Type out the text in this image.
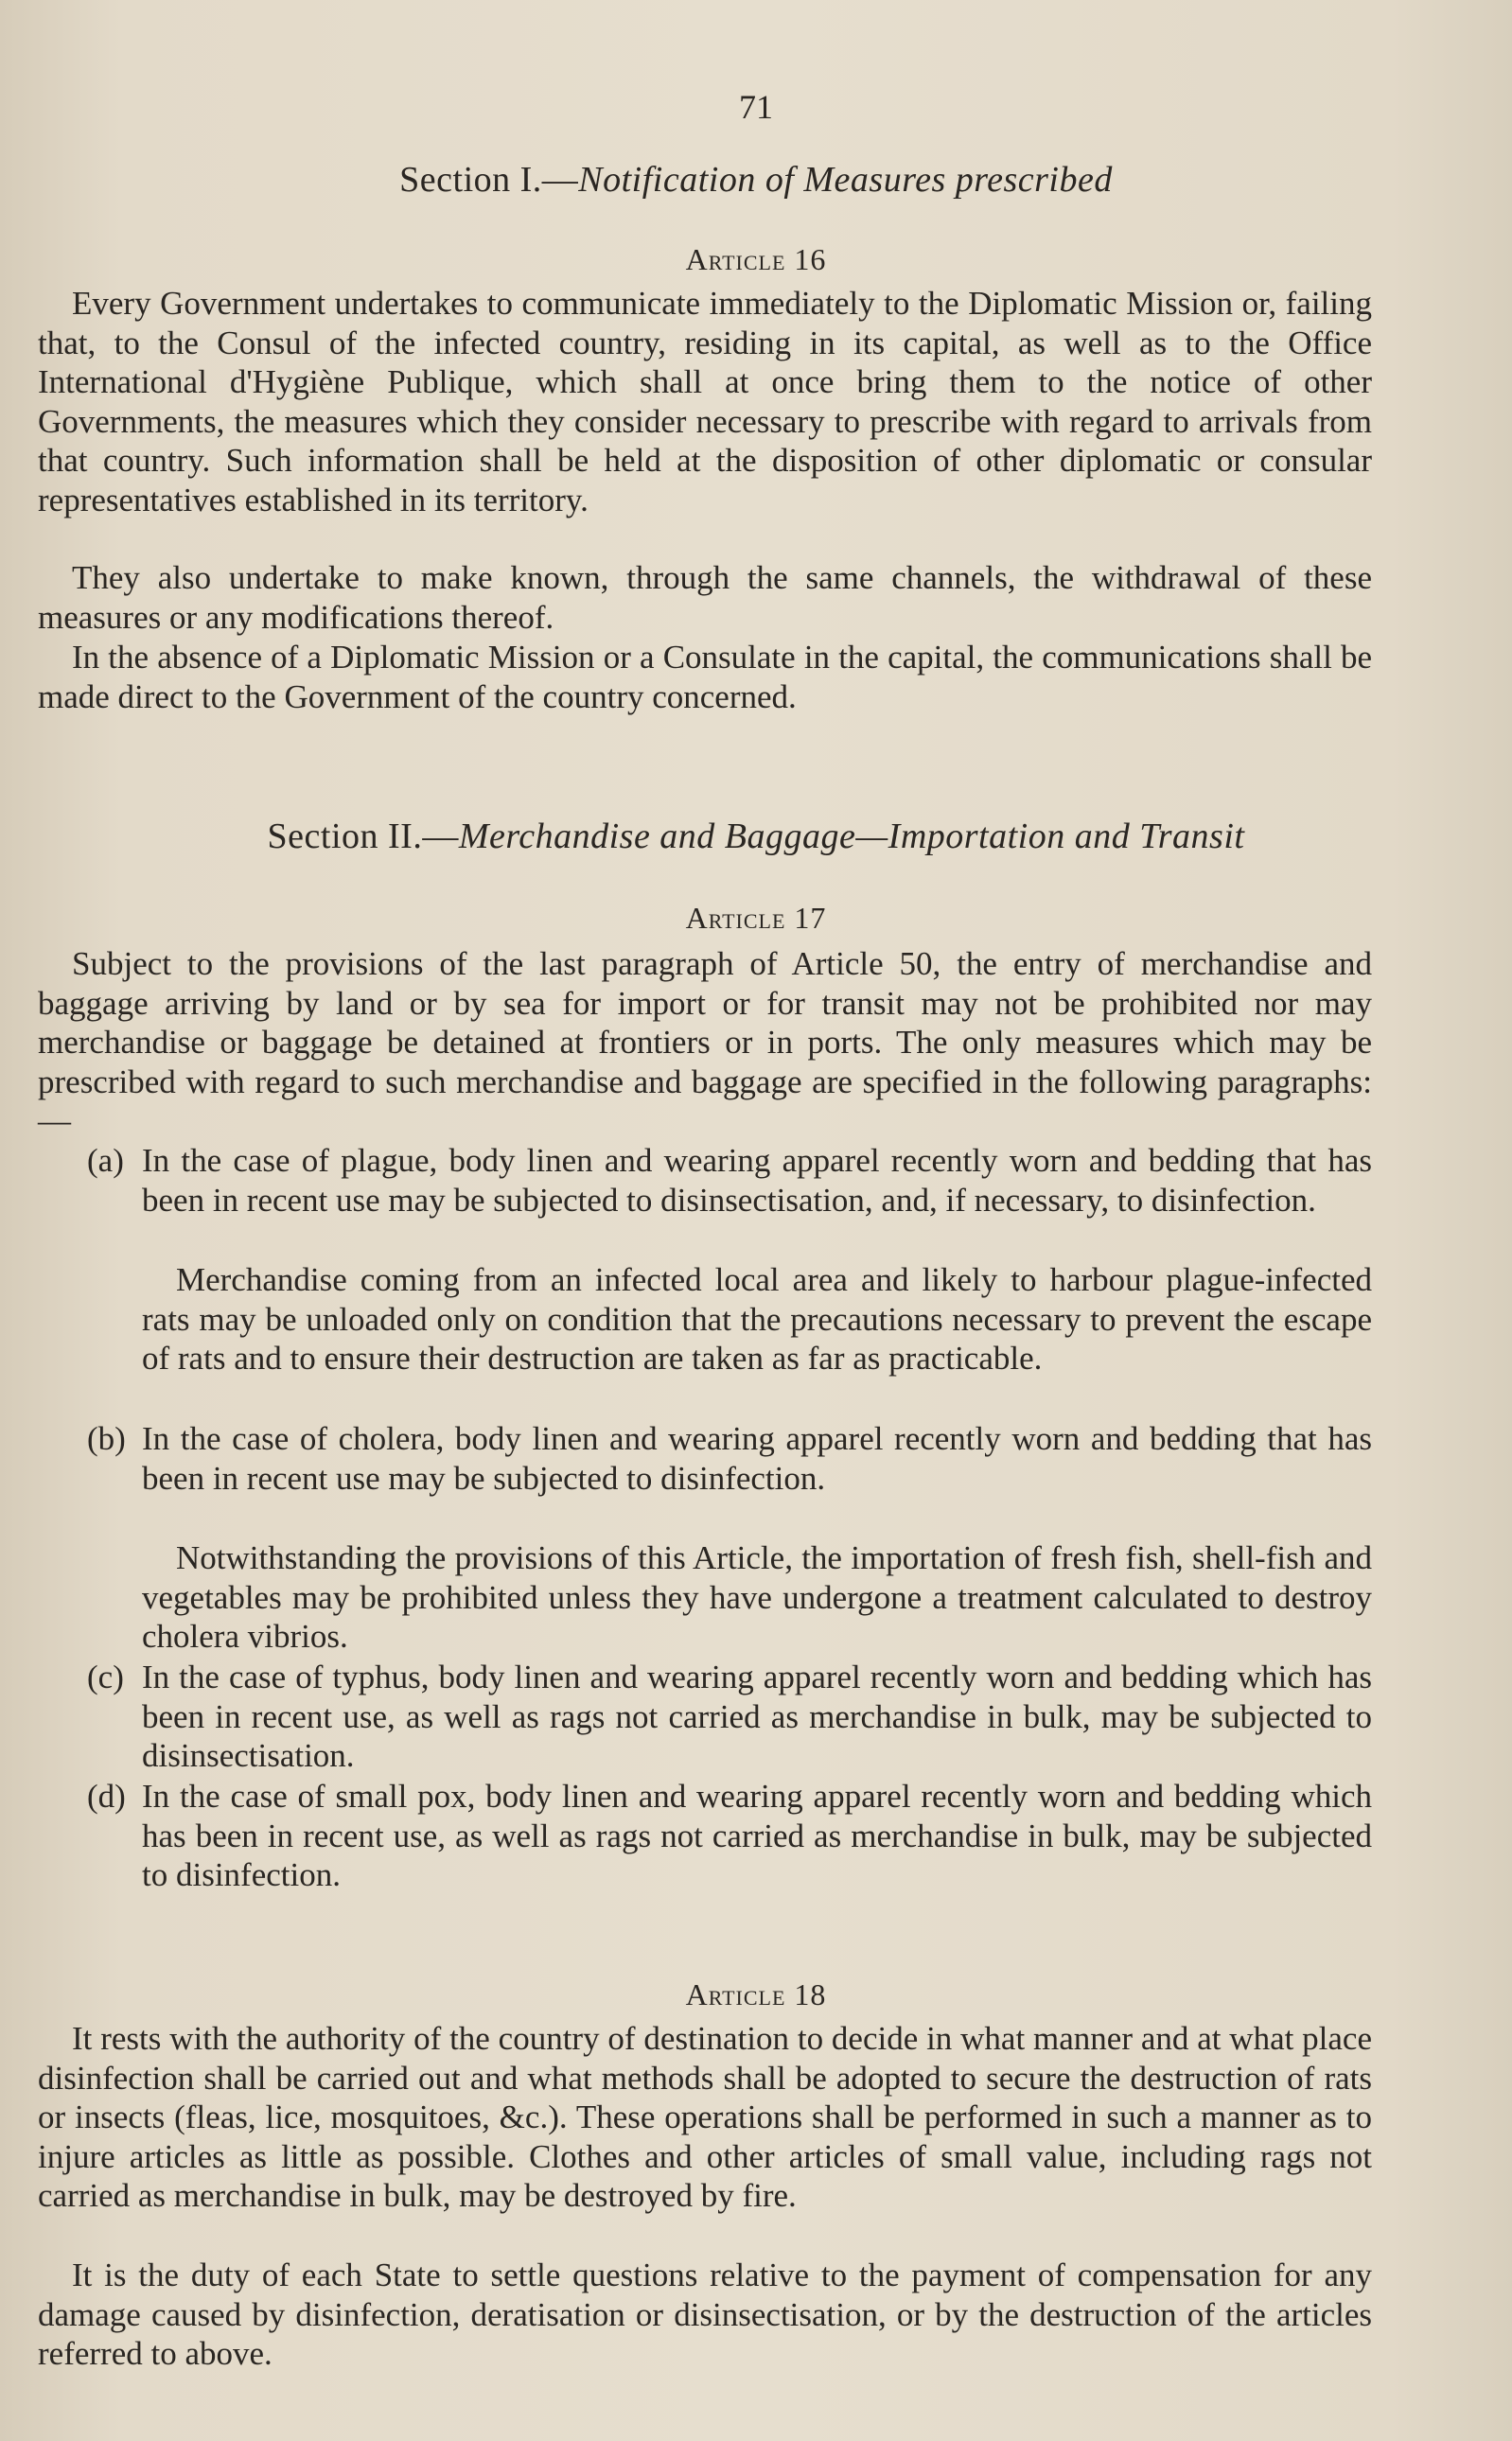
71
Section I.—Notification of Measures prescribed
Article 16
Every Government undertakes to communicate immediately to the Diplomatic Mission or, failing that, to the Consul of the infected country, residing in its capital, as well as to the Office International d'Hygiène Publique, which shall at once bring them to the notice of other Governments, the measures which they consider necessary to prescribe with regard to arrivals from that country. Such information shall be held at the disposition of other diplomatic or consular representatives established in its territory.
They also undertake to make known, through the same channels, the withdrawal of these measures or any modifications thereof.
In the absence of a Diplomatic Mission or a Consulate in the capital, the communications shall be made direct to the Government of the country concerned.
Section II.—Merchandise and Baggage—Importation and Transit
Article 17
Subject to the provisions of the last paragraph of Article 50, the entry of merchandise and baggage arriving by land or by sea for import or for transit may not be prohibited nor may merchandise or baggage be detained at frontiers or in ports. The only measures which may be prescribed with regard to such merchandise and baggage are specified in the following paragraphs:—
(a) In the case of plague, body linen and wearing apparel recently worn and bedding that has been in recent use may be subjected to disinsectisation, and, if necessary, to disinfection.
Merchandise coming from an infected local area and likely to harbour plague-infected rats may be unloaded only on condition that the precautions necessary to prevent the escape of rats and to ensure their destruction are taken as far as practicable.
(b) In the case of cholera, body linen and wearing apparel recently worn and bedding that has been in recent use may be subjected to disinfection.
Notwithstanding the provisions of this Article, the importation of fresh fish, shell-fish and vegetables may be prohibited unless they have undergone a treatment calculated to destroy cholera vibrios.
(c) In the case of typhus, body linen and wearing apparel recently worn and bedding which has been in recent use, as well as rags not carried as merchandise in bulk, may be subjected to disinsectisation.
(d) In the case of small pox, body linen and wearing apparel recently worn and bedding which has been in recent use, as well as rags not carried as merchandise in bulk, may be subjected to disinfection.
Article 18
It rests with the authority of the country of destination to decide in what manner and at what place disinfection shall be carried out and what methods shall be adopted to secure the destruction of rats or insects (fleas, lice, mosquitoes, &c.). These operations shall be performed in such a manner as to injure articles as little as possible. Clothes and other articles of small value, including rags not carried as merchandise in bulk, may be destroyed by fire.
It is the duty of each State to settle questions relative to the payment of compensation for any damage caused by disinfection, deratisation or disinsectisation, or by the destruction of the articles referred to above.
